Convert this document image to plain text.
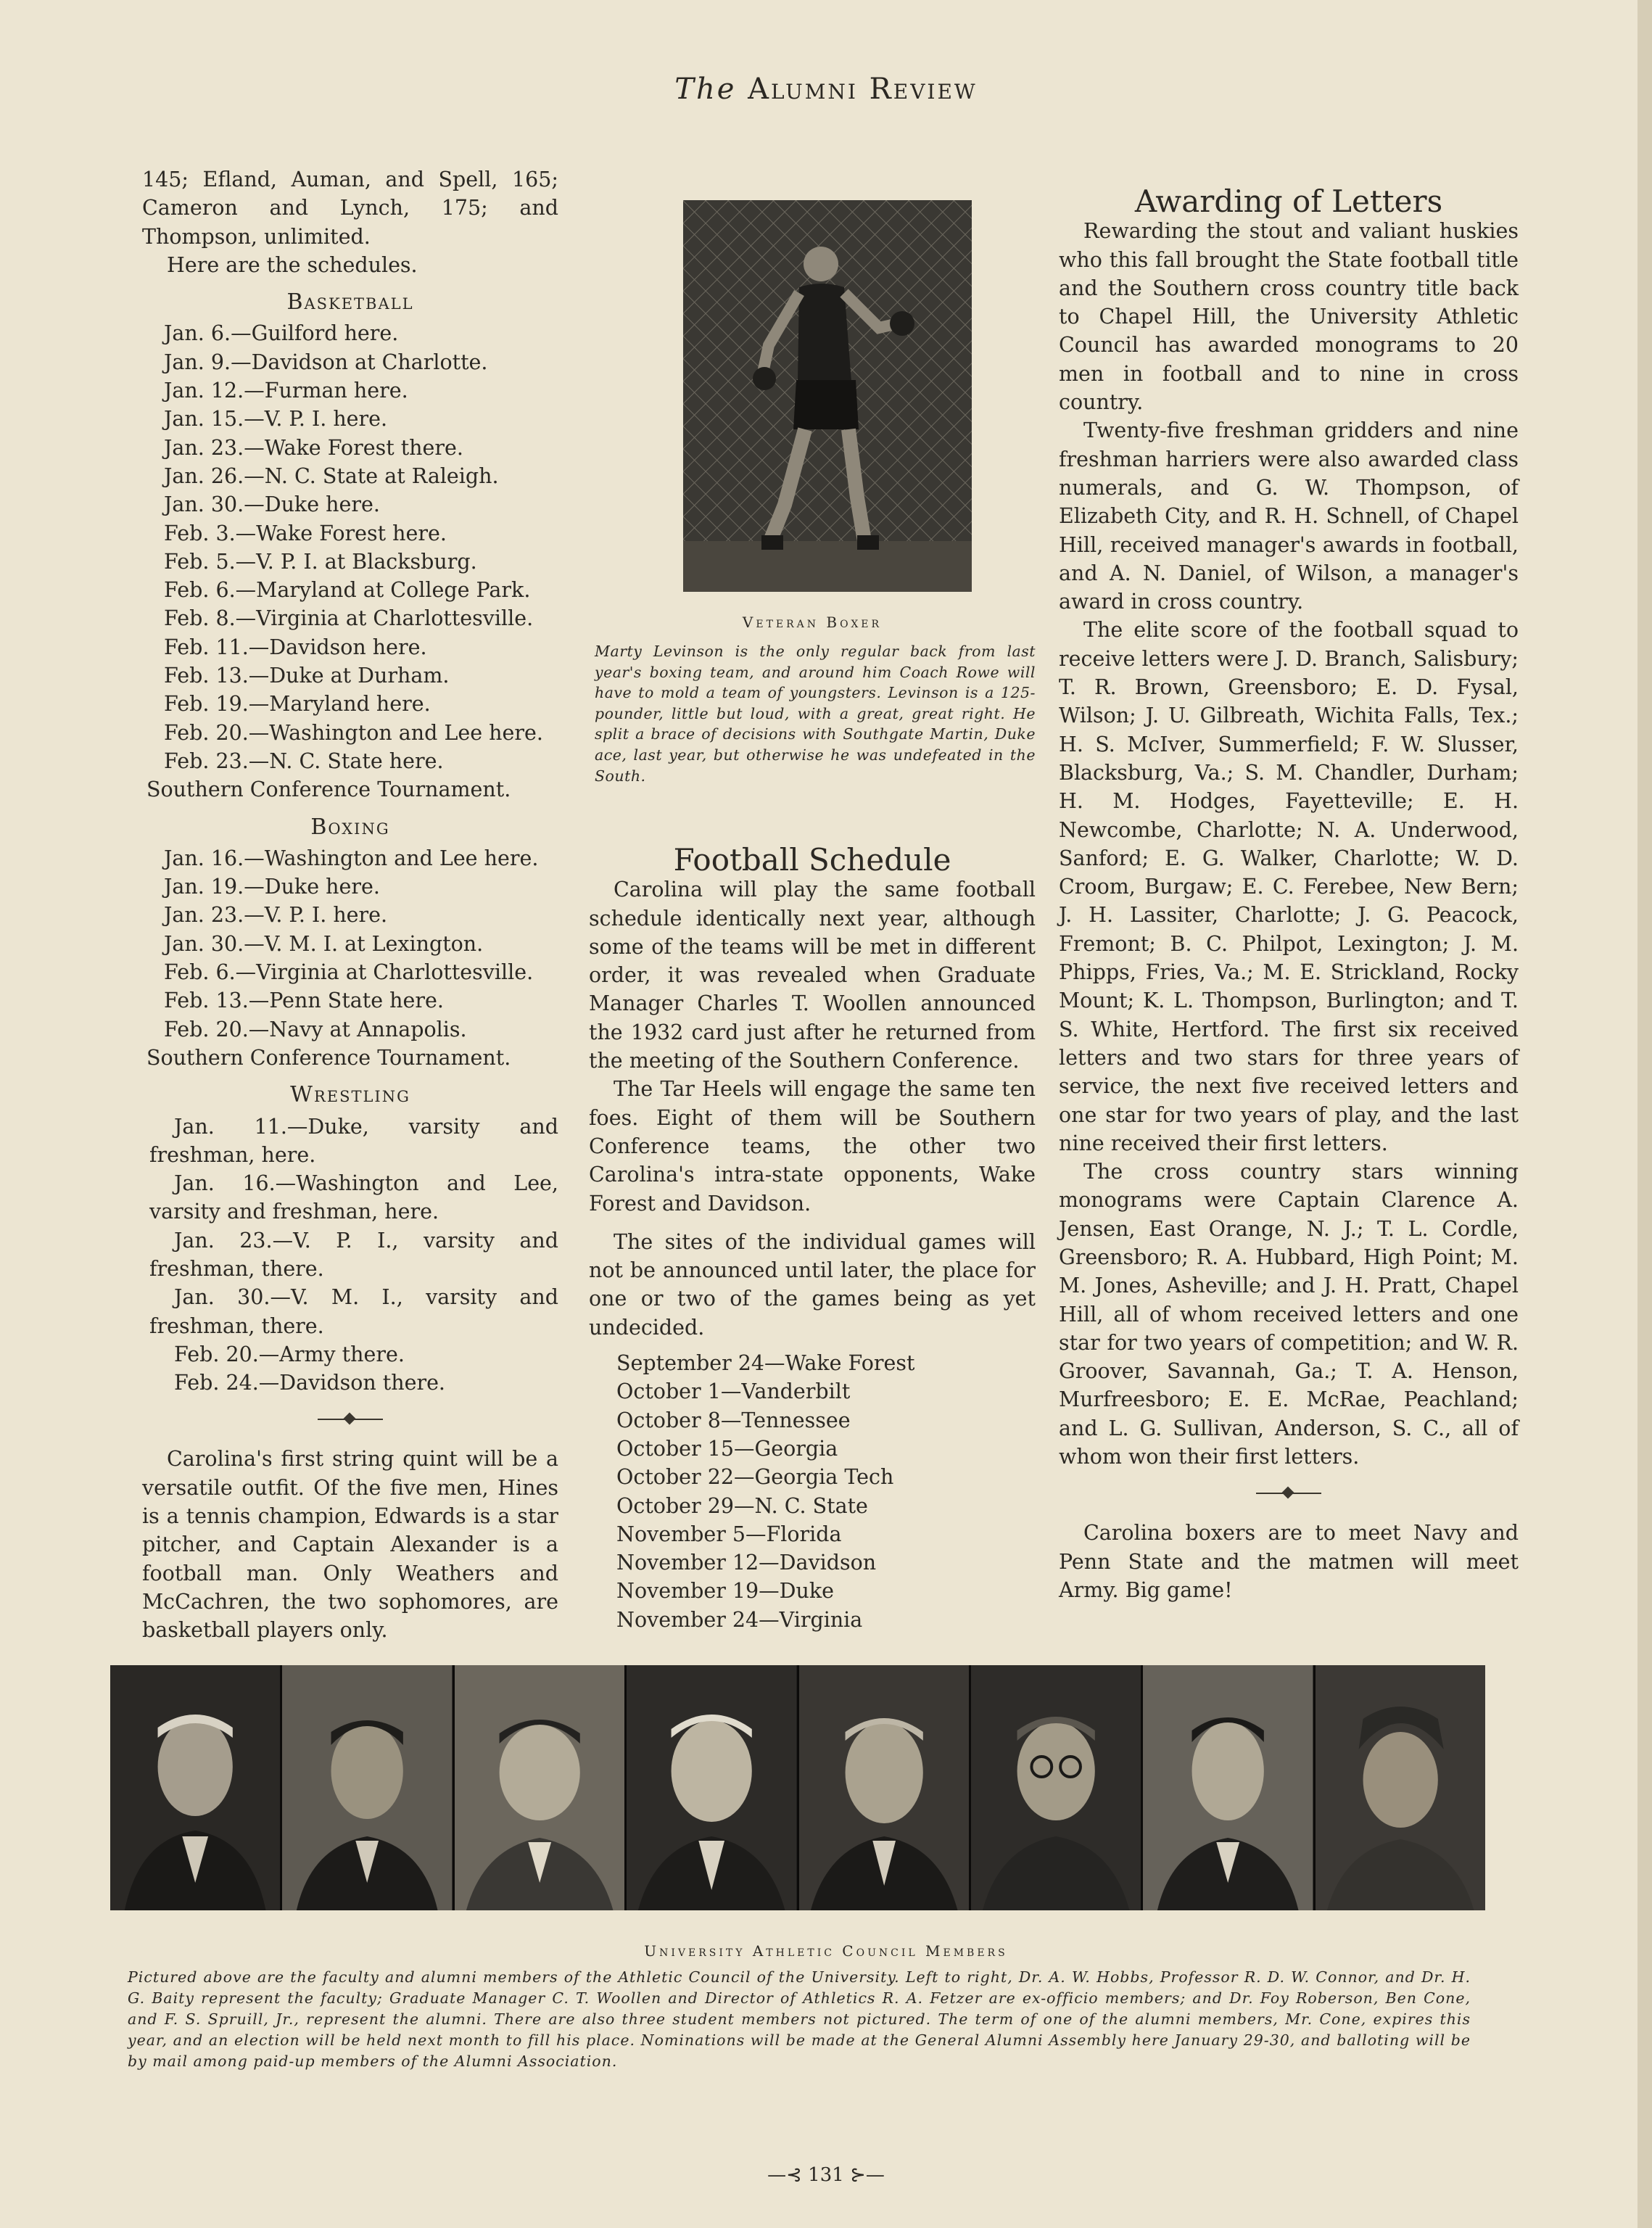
The Alumni Review

145; Efland, Auman, and Spell, 165; Cameron and Lynch, 175; and Thompson, unlimited.

Here are the schedules.

Basketball
Jan. 6.—Guilford here.
Jan. 9.—Davidson at Charlotte.
Jan. 12.—Furman here.
Jan. 15.—V. P. I. here.
Jan. 23.—Wake Forest there.
Jan. 26.—N. C. State at Raleigh.
Jan. 30.—Duke here.
Feb. 3.—Wake Forest here.
Feb. 5.—V. P. I. at Blacksburg.
Feb. 6.—Maryland at College Park.
Feb. 8.—Virginia at Charlottesville.
Feb. 11.—Davidson here.
Feb. 13.—Duke at Durham.
Feb. 19.—Maryland here.
Feb. 20.—Washington and Lee here.
Feb. 23.—N. C. State here.
Southern Conference Tournament.
Boxing
Jan. 16.—Washington and Lee here.
Jan. 19.—Duke here.
Jan. 23.—V. P. I. here.
Jan. 30.—V. M. I. at Lexington.
Feb. 6.—Virginia at Charlottesville.
Feb. 13.—Penn State here.
Feb. 20.—Navy at Annapolis.
Southern Conference Tournament.
Wrestling

Jan. 11.—Duke, varsity and freshman, here.

Jan. 16.—Washington and Lee, varsity and freshman, here.

Jan. 23.—V. P. I., varsity and freshman, there.

Jan. 30.—V. M. I., varsity and freshman, there.

Feb. 20.—Army there.

Feb. 24.—Davidson there.

Carolina's first string quint will be a versatile outfit. Of the five men, Hines is a tennis champion, Edwards is a star pitcher, and Captain Alexander is a football man. Only Weathers and McCachren, the two sophomores, are basketball players only.

Veteran Boxer
Marty Levinson is the only regular back from last year's boxing team, and around him Coach Rowe will have to mold a team of youngsters. Levinson is a 125-pounder, little but loud, with a great, great right. He split a brace of decisions with Southgate Martin, Duke ace, last year, but otherwise he was undefeated in the South.
Football Schedule

Carolina will play the same football schedule identically next year, although some of the teams will be met in different order, it was revealed when Graduate Manager Charles T. Woollen announced the 1932 card just after he returned from the meeting of the Southern Conference.

The Tar Heels will engage the same ten foes. Eight of them will be Southern Conference teams, the other two Carolina's intra-state opponents, Wake Forest and Davidson.

The sites of the individual games will not be announced until later, the place for one or two of the games being as yet undecided.

September 24—Wake Forest
October 1—Vanderbilt
October 8—Tennessee
October 15—Georgia
October 22—Georgia Tech
October 29—N. C. State
November 5—Florida
November 12—Davidson
November 19—Duke
November 24—Virginia
Awarding of Letters

Rewarding the stout and valiant huskies who this fall brought the State football title and the Southern cross country title back to Chapel Hill, the University Athletic Council has awarded monograms to 20 men in football and to nine in cross country.

Twenty-five freshman gridders and nine freshman harriers were also awarded class numerals, and G. W. Thompson, of Elizabeth City, and R. H. Schnell, of Chapel Hill, received manager's awards in football, and A. N. Daniel, of Wilson, a manager's award in cross country.

The elite score of the football squad to receive letters were J. D. Branch, Salisbury; T. R. Brown, Greensboro; E. D. Fysal, Wilson; J. U. Gilbreath, Wichita Falls, Tex.; H. S. McIver, Summerfield; F. W. Slusser, Blacksburg, Va.; S. M. Chandler, Durham; H. M. Hodges, Fayetteville; E. H. Newcombe, Charlotte; N. A. Underwood, Sanford; E. G. Walker, Charlotte; W. D. Croom, Burgaw; E. C. Ferebee, New Bern; J. H. Lassiter, Charlotte; J. G. Peacock, Fremont; B. C. Philpot, Lexington; J. M. Phipps, Fries, Va.; M. E. Strickland, Rocky Mount; K. L. Thompson, Burlington; and T. S. White, Hertford. The first six received letters and two stars for three years of service, the next five received letters and one star for two years of play, and the last nine received their first letters.

The cross country stars winning monograms were Captain Clarence A. Jensen, East Orange, N. J.; T. L. Cordle, Greensboro; R. A. Hubbard, High Point; M. M. Jones, Asheville; and J. H. Pratt, Chapel Hill, all of whom received letters and one star for two years of competition; and W. R. Groover, Savannah, Ga.; T. A. Henson, Murfreesboro; E. E. McRae, Peachland; and L. G. Sullivan, Anderson, S. C., all of whom won their first letters.

Carolina boxers are to meet Navy and Penn State and the matmen will meet Army. Big game!

University Athletic Council Members
Pictured above are the faculty and alumni members of the Athletic Council of the University. Left to right, Dr. A. W. Hobbs, Professor R. D. W. Connor, and Dr. H. G. Baity represent the faculty; Graduate Manager C. T. Woollen and Director of Athletics R. A. Fetzer are ex-officio members; and Dr. Foy Roberson, Ben Cone, and F. S. Spruill, Jr., represent the alumni. There are also three student members not pictured. The term of one of the alumni members, Mr. Cone, expires this year, and an election will be held next month to fill his place. Nominations will be made at the General Alumni Assembly here January 29-30, and balloting will be by mail among paid-up members of the Alumni Association.
—⊰ 131 ⊱—
